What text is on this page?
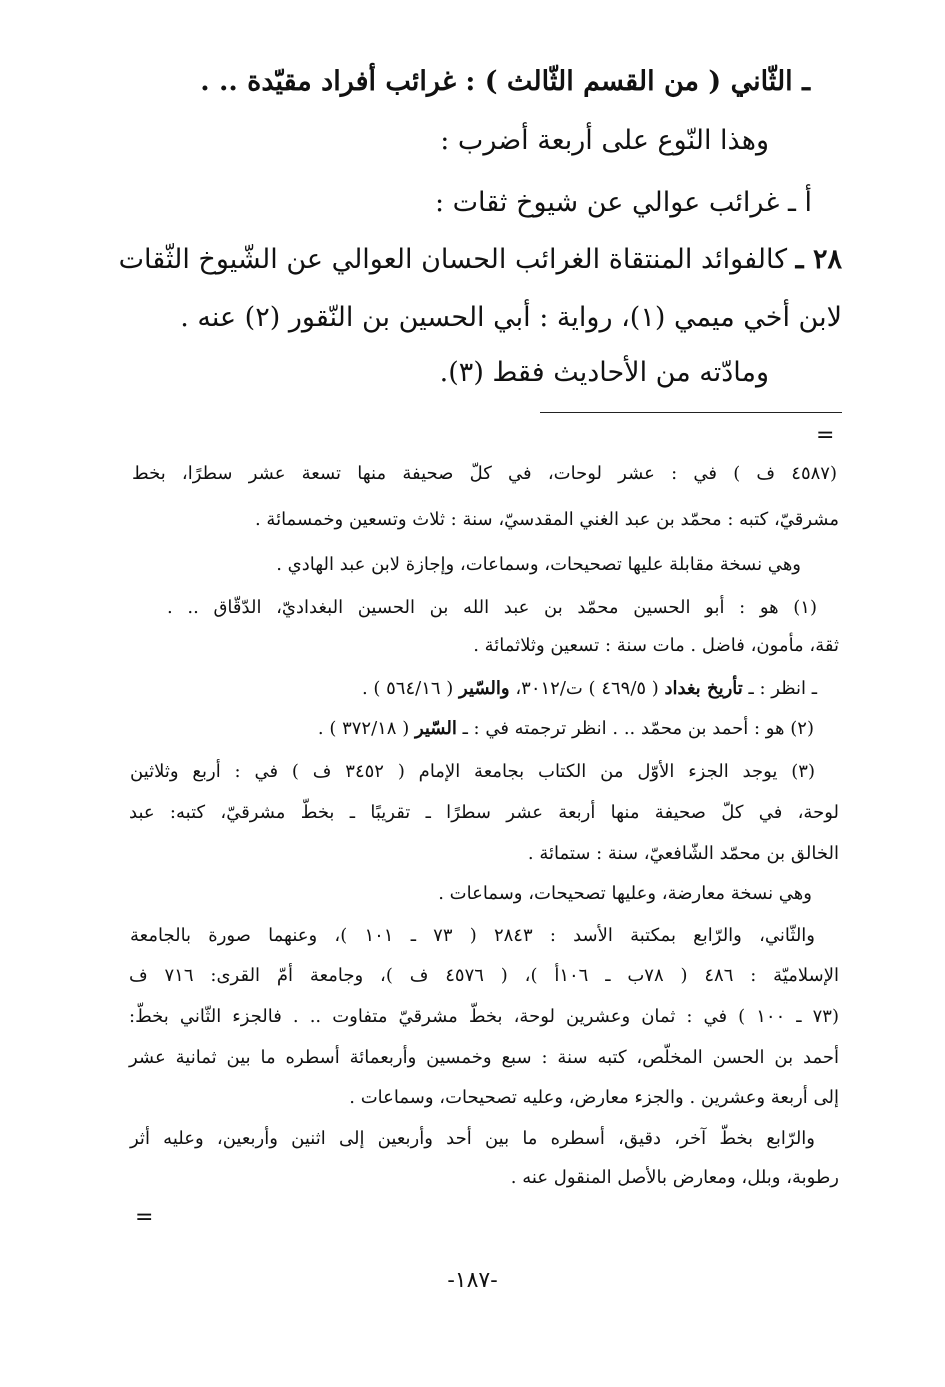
ـ الثّاني ( من القسم الثّالث ) : غرائب أفراد مقيّدة .. .
وهذا النّوع على أربعة أضرب :
أ ـ غرائب عوالي عن شيوخ ثقات :
٢٨ ـ كالفوائد المنتقاة الغرائب الحسان العوالي عن الشّيوخ الثّقات
لابن أخي ميمي (١)، رواية : أبي الحسين بن النّقور (٢) عنه .
ومادّته من الأحاديث فقط (٣).
=
(٤٥٨٧ ف ) في : عشر لوحات، في كلّ صحيفة منها تسعة عشر سطرًا، بخط
مشرقيّ، كتبه : محمّد بن عبد الغني المقدسيّ، سنة : ثلاث وتسعين وخمسمائة .
وهي نسخة مقابلة عليها تصحيحات، وسماعات، وإجازة لابن عبد الهادي .
(١) هو : أبو الحسين محمّد بن عبد الله بن الحسين البغداديّ، الدّقّاق .. .
ثقة، مأمون، فاضل . مات سنة : تسعين وثلاثمائة .
ـ انظر : ـ تأريخ بغداد ( ٤٦٩/٥ ) ت/٣٠١٢، والسّير ( ٥٦٤/١٦ ) .
(٢) هو : أحمد بن محمّد .. . انظر ترجمته في : ـ السّير ( ٣٧٢/١٨ ) .
(٣) يوجد الجزء الأوّل من الكتاب بجامعة الإمام ( ٣٤٥٢ ف ) في : أربع وثلاثين
لوحة، في كلّ صحيفة منها أربعة عشر سطرًا ـ تقريبًا ـ بخطّ مشرقيّ، كتبه: عبد
الخالق بن محمّد الشّافعيّ، سنة : ستمائة .
وهي نسخة معارضة، وعليها تصحيحات، وسماعات .
والثّاني، والرّابع بمكتبة الأسد : ٢٨٤٣ ( ٧٣ ـ ١٠١ )، وعنهما صورة بالجامعة
الإسلاميّة : ٤٨٦ ( ٧٨ب ـ ١٠٦أ )، ( ٤٥٧٦ ف )، وجامعة أمّ القرى: ٧١٦ ف
(٧٣ ـ ١٠٠ ) في : ثمان وعشرين لوحة، بخطّ مشرقيّ متفاوت .. . فالجزء الثّاني بخطّ:
أحمد بن الحسن المخلّص، كتبه سنة : سبع وخمسين وأربعمائة أسطره ما بين ثمانية عشر
إلى أربعة وعشرين . والجزء معارض، وعليه تصحيحات، وسماعات .
والرّابع بخطّ آخر، دقيق، أسطره ما بين أحد وأربعين إلى اثنين وأربعين، وعليه أثر
رطوبة، وبلل، ومعارض بالأصل المنقول عنه .
=
-١٨٧-
